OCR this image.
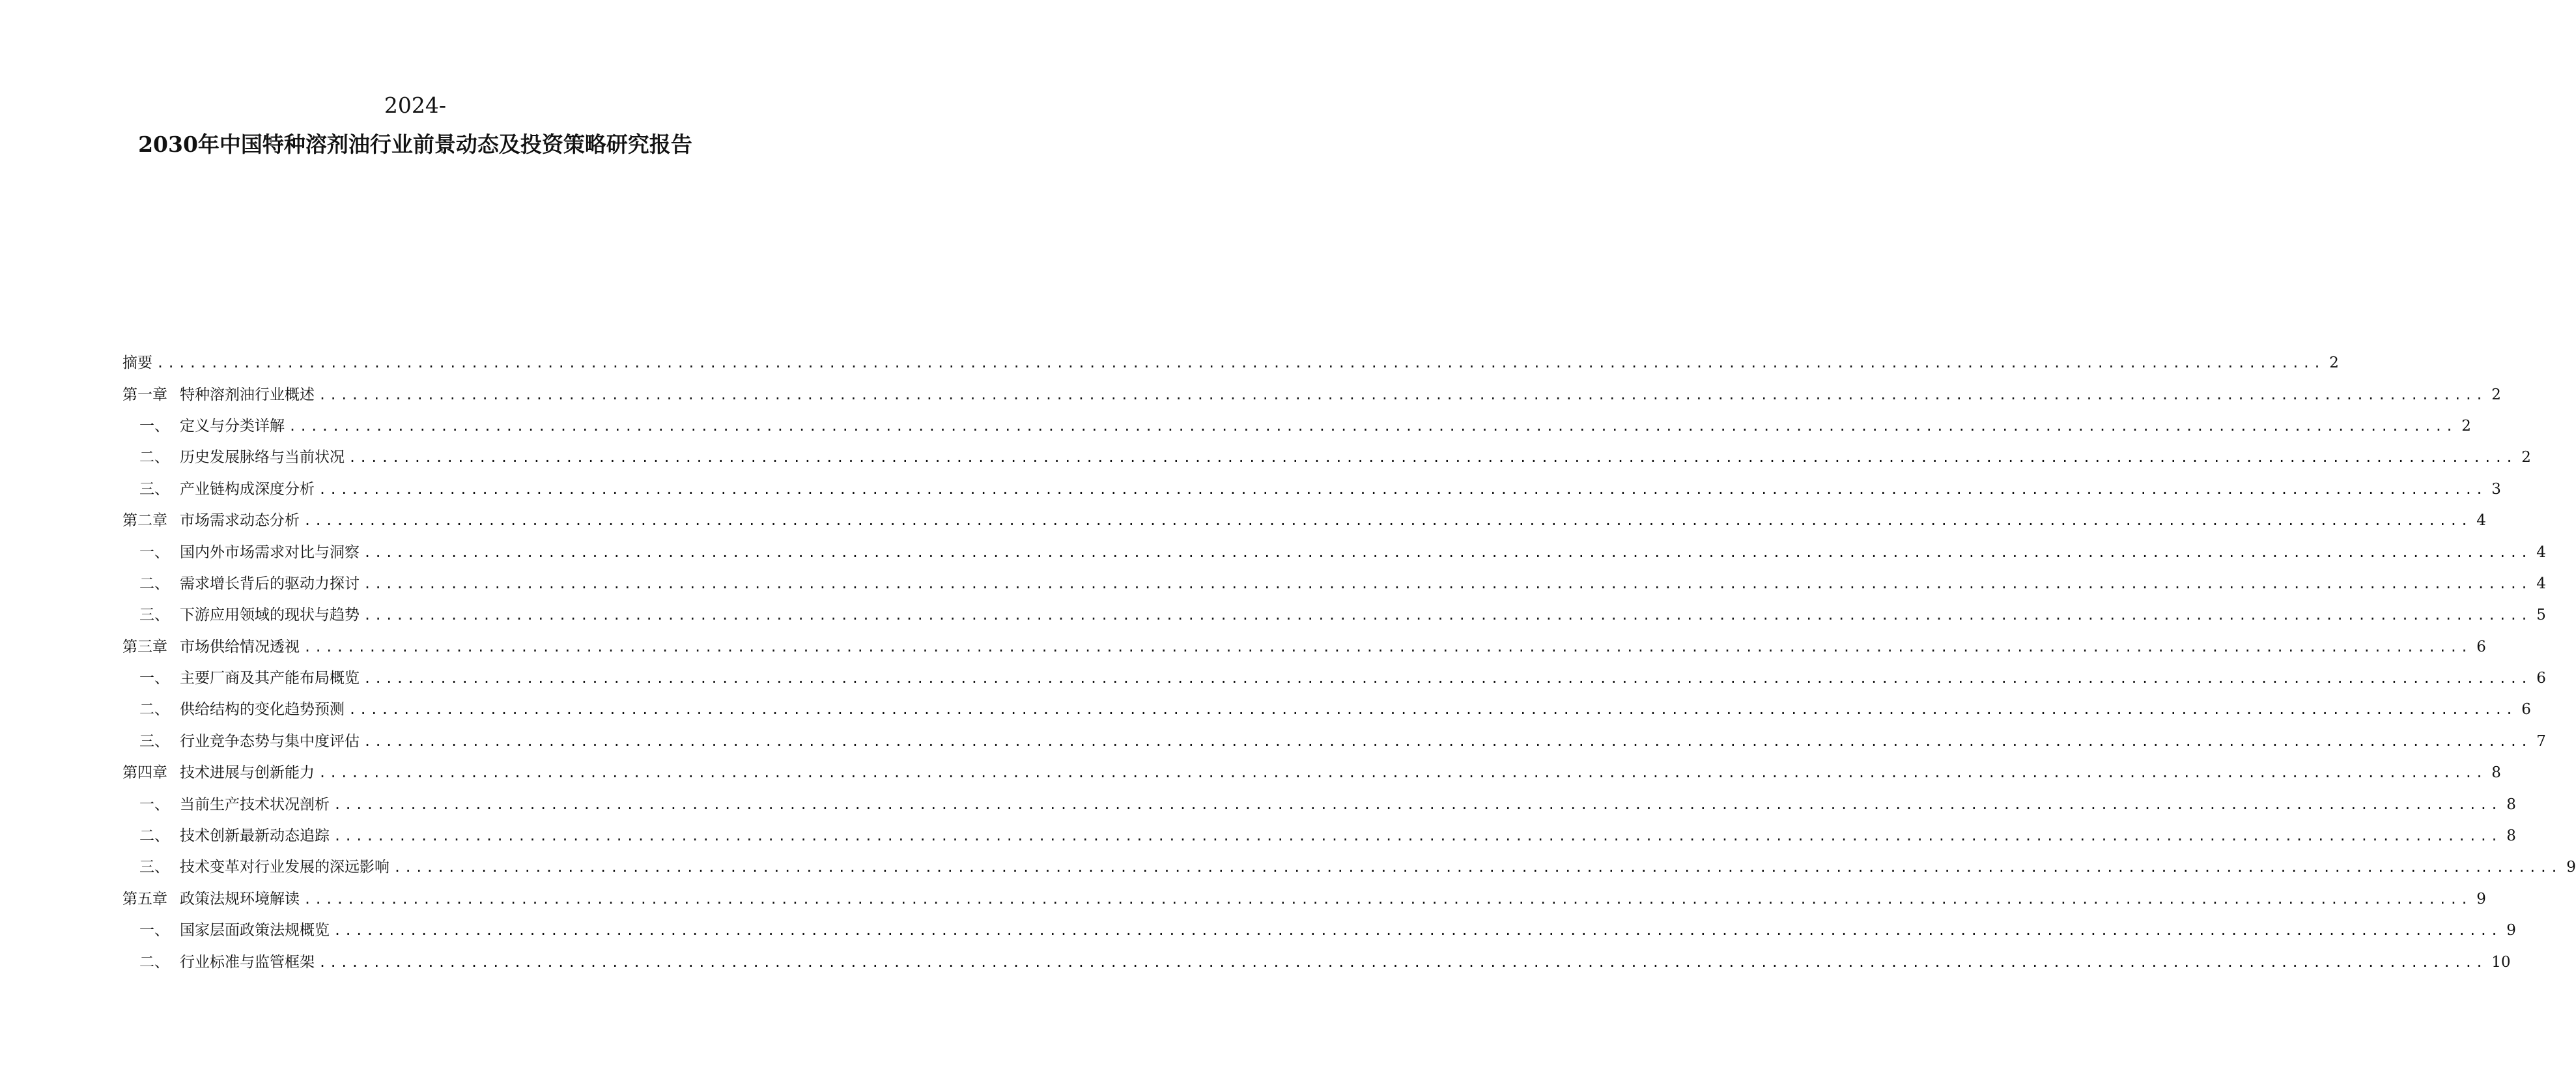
2024-

2030年中国特种溶剂油行业前景动态及投资策略研究报告

摘要 ........................................................................................................................................................................................................ 2
第一章 特种溶剂油行业概述 ........................................................................................................................................................................................................ 2
一、 定义与分类详解 ........................................................................................................................................................................................................ 2
二、 历史发展脉络与当前状况 ........................................................................................................................................................................................................ 2
三、 产业链构成深度分析 ........................................................................................................................................................................................................ 3
第二章 市场需求动态分析 ........................................................................................................................................................................................................ 4
一、 国内外市场需求对比与洞察 ........................................................................................................................................................................................................ 4
二、 需求增长背后的驱动力探讨 ........................................................................................................................................................................................................ 4
三、 下游应用领域的现状与趋势 ........................................................................................................................................................................................................ 5
第三章 市场供给情况透视 ........................................................................................................................................................................................................ 6
一、 主要厂商及其产能布局概览 ........................................................................................................................................................................................................ 6
二、 供给结构的变化趋势预测 ........................................................................................................................................................................................................ 6
三、 行业竞争态势与集中度评估 ........................................................................................................................................................................................................ 7
第四章 技术进展与创新能力 ........................................................................................................................................................................................................ 8
一、 当前生产技术状况剖析 ........................................................................................................................................................................................................ 8
二、 技术创新最新动态追踪 ........................................................................................................................................................................................................ 8
三、 技术变革对行业发展的深远影响 ........................................................................................................................................................................................................ 9
第五章 政策法规环境解读 ........................................................................................................................................................................................................ 9
一、 国家层面政策法规概览 ........................................................................................................................................................................................................ 9
二、 行业标准与监管框架 ........................................................................................................................................................................................................ 10
